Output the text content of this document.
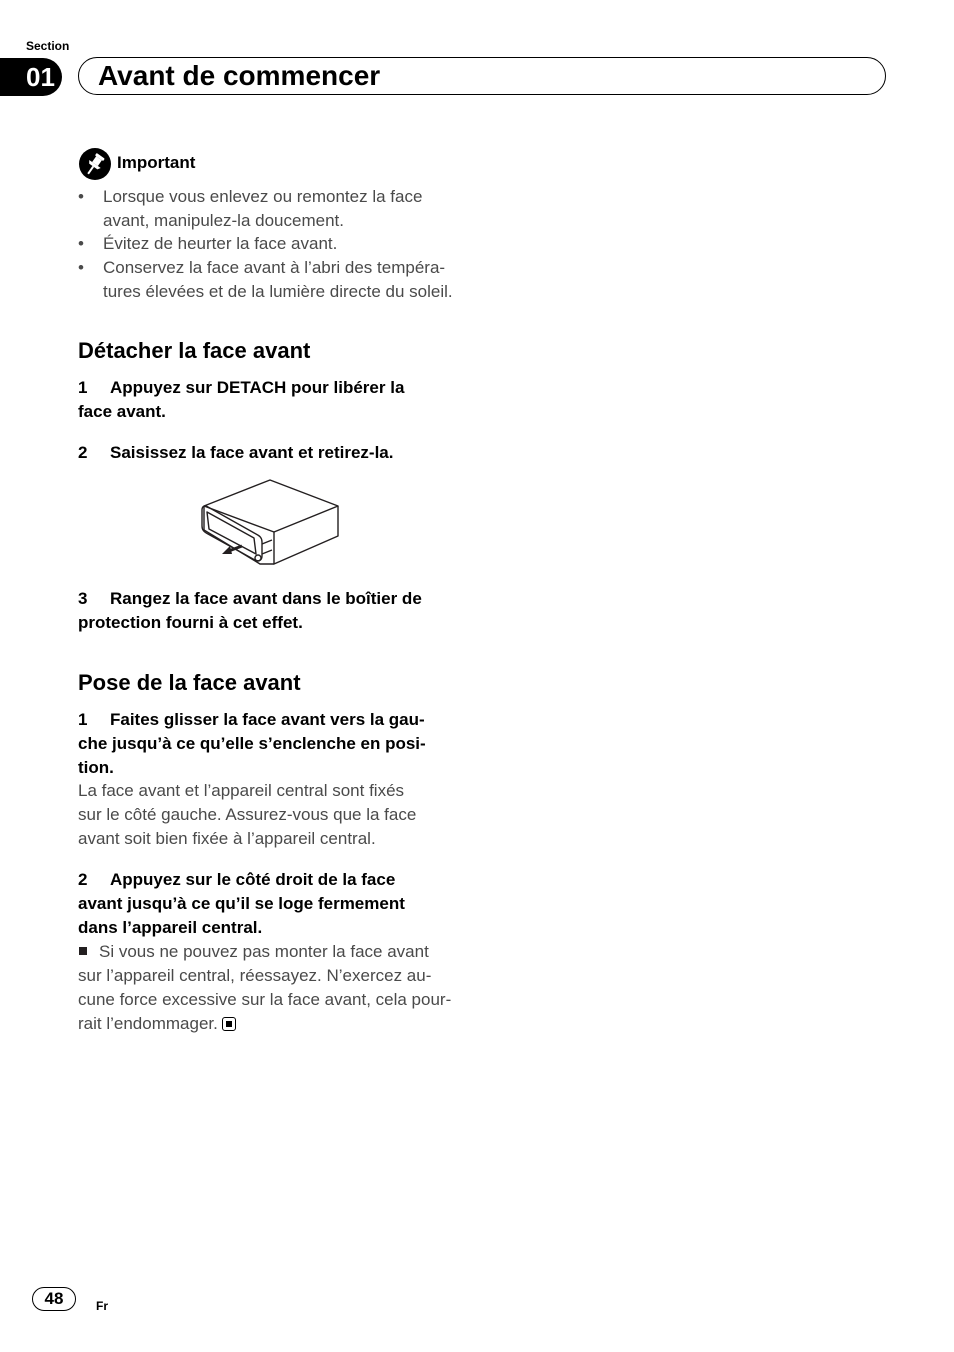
Section
01 Avant de commencer
Important
• Lorsque vous enlevez ou remontez la face
avant, manipulez-la doucement.
• Évitez de heurter la face avant.
• Conservez la face avant à l’abri des tempéra-
tures élevées et de la lumière directe du soleil.
Détacher la face avant
1 Appuyez sur DETACH pour libérer la
face avant.
2 Saisissez la face avant et retirez-la.
3 Rangez la face avant dans le boîtier de
protection fourni à cet effet.
Pose de la face avant
1 Faites glisser la face avant vers la gau-
che jusqu’à ce qu’elle s’enclenche en posi-
tion.
La face avant et l’appareil central sont fixés
sur le côté gauche. Assurez-vous que la face
avant soit bien fixée à l’appareil central.
2 Appuyez sur le côté droit de la face
avant jusqu’à ce qu’il se loge fermement
dans l’appareil central.
Si vous ne pouvez pas monter la face avant
sur l’appareil central, réessayez. N’exercez au-
cune force excessive sur la face avant, cela pour-
rait l’endommager.
48	Fr
